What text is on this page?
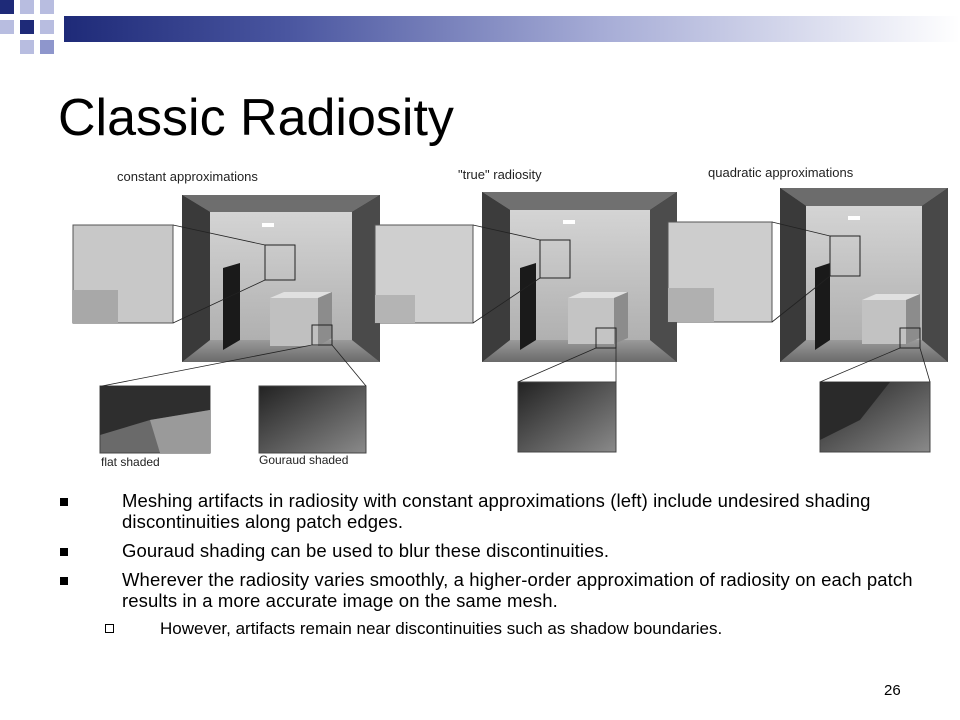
Classic Radiosity
constant approximations	"true" radiosity	quadratic approximations
flat shaded	Gouraud shaded
Meshing artifacts in radiosity with constant approximations (left) include undesired shading discontinuities along patch edges.
Gouraud shading can be used to blur these discontinuities.
Wherever the radiosity varies smoothly, a higher-order approximation of radiosity on each patch results in a more accurate image on the same mesh.
However, artifacts remain near discontinuities such as shadow boundaries.
26
